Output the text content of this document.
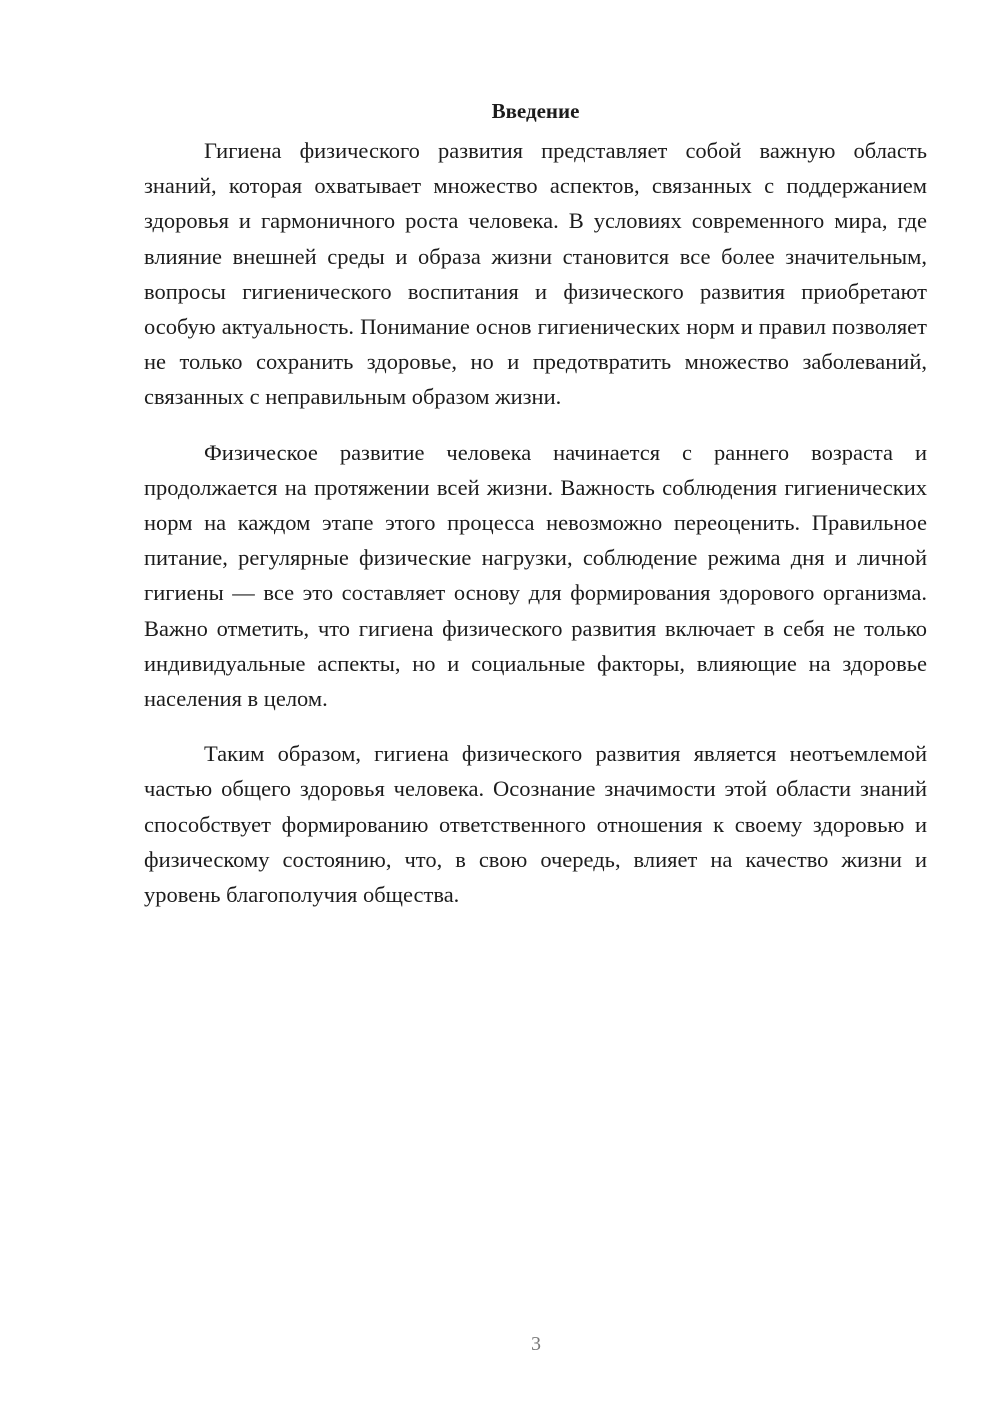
Введение

Гигиена физического развития представляет собой важную область знаний, которая охватывает множество аспектов, связанных с поддержанием здоровья и гармоничного роста человека. В условиях современного мира, где влияние внешней среды и образа жизни становится все более значительным, вопросы гигиенического воспитания и физического развития приобретают особую актуальность. Понимание основ гигиенических норм и правил позволяет не только сохранить здоровье, но и предотвратить множество заболеваний, связанных с неправильным образом жизни.

Физическое развитие человека начинается с раннего возраста и продолжается на протяжении всей жизни. Важность соблюдения гигиенических норм на каждом этапе этого процесса невозможно переоценить. Правильное питание, регулярные физические нагрузки, соблюдение режима дня и личной гигиены — все это составляет основу для формирования здорового организма. Важно отметить, что гигиена физического развития включает в себя не только индивидуальные аспекты, но и социальные факторы, влияющие на здоровье населения в целом.

Таким образом, гигиена физического развития является неотъемлемой частью общего здоровья человека. Осознание значимости этой области знаний способствует формированию ответственного отношения к своему здоровью и физическому состоянию, что, в свою очередь, влияет на качество жизни и уровень благополучия общества.

3
